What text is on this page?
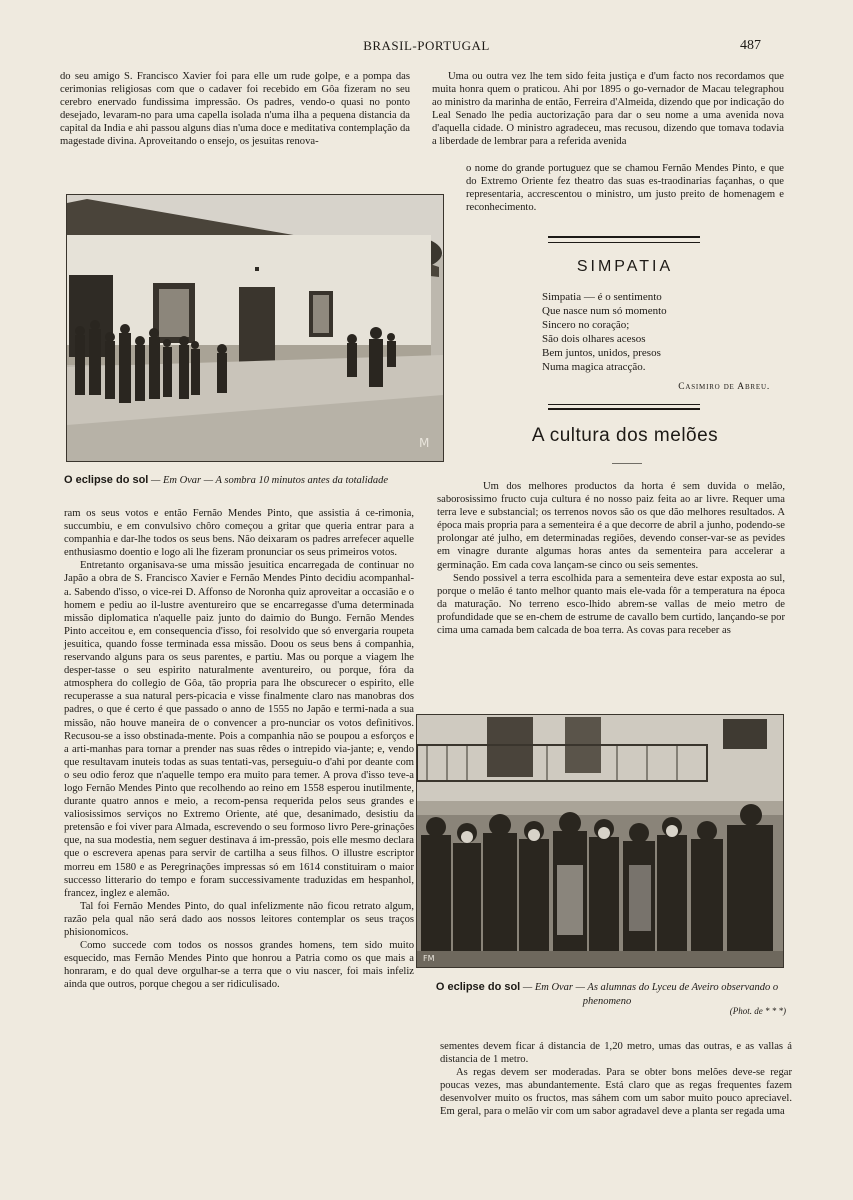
BRASIL-PORTUGAL	487

do seu amigo S. Francisco Xavier foi para elle um rude golpe, e a pompa das cerimonias religiosas com que o cadaver foi recebido em Gôa fizeram no seu cerebro enervado fundissima impressão. Os padres, vendo-o quasi no ponto desejado, levaram-no para uma capella isolada n'uma ilha a pequena distancia da capital da India e ahi passou alguns dias n'uma doce e meditativa contemplação da magestade divina. Aproveitando o ensejo, os jesuitas renova-

M
O eclipse do sol — Em Ovar — A sombra 10 minutos antes da totalidade

ram os seus votos e então Fernão Mendes Pinto, que assistia á ce-rimonia, succumbiu, e em convulsivo chôro começou a gritar que queria entrar para a companhia e dar-lhe todos os seus bens. Não deixaram os padres arrefecer aquelle enthusiasmo doentio e logo ali lhe fizeram pronunciar os seus primeiros votos.

Entretanto organisava-se uma missão jesuitica encarregada de continuar no Japão a obra de S. Francisco Xavier e Fernão Mendes Pinto decidiu acompanhal-a. Sabendo d'isso, o vice-rei D. Affonso de Noronha quiz aproveitar a occasião e o homem e pediu ao il-lustre aventureiro que se encarregasse d'uma determinada missão diplomatica n'aquelle paiz junto do daimio do Bungo. Fernão Mendes Pinto acceitou e, em consequencia d'isso, foi resolvido que só envergaria roupeta jesuitica, quando fosse terminada essa missão. Doou os seus bens á companhia, reservando alguns para os seus parentes, e partiu. Mas ou porque a viagem lhe desper-tasse o seu espirito naturalmente aventureiro, ou porque, fóra da atmosphera do collegio de Gôa, tão propria para lhe obscurecer o espirito, elle recuperasse a sua natural pers-picacia e visse finalmente claro nas manobras dos padres, o que é certo é que passado o anno de 1555 no Japão e termi-nada a sua missão, não houve maneira de o convencer a pro-nunciar os votos definitivos. Recusou-se a isso obstinada-mente. Pois a companhia não se poupou a esforços e a arti-manhas para tornar a prender nas suas rêdes o intrepido via-jante; e, vendo que resultavam inuteis todas as suas tentati-vas, perseguiu-o d'ahi por deante com o seu odio feroz que n'aquelle tempo era muito para temer. A prova d'isso teve-a logo Fernão Mendes Pinto que recolhendo ao reino em 1558 esperou inutilmente, durante quatro annos e meio, a recom-pensa requerida pelos seus grandes e valiosissimos serviços no Extremo Oriente, até que, desanimado, desistiu da pretensão e foi viver para Almada, escrevendo o seu formoso livro Pere-grinações que, na sua modestia, nem seguer destinava á im-pressão, pois elle mesmo declara que o escrevera apenas para servir de cartilha a seus filhos. O illustre escriptor morreu em 1580 e as Peregrinações impressas só em 1614 constituiram o maior successo litterario do tempo e foram successivamente traduzidas em hespanhol, francez, inglez e alemão.

Tal foi Fernão Mendes Pinto, do qual infelizmente não ficou retrato algum, razão pela qual não será dado aos nossos leitores contemplar os seus traços phisionomicos.

Como succede com todos os nossos grandes homens, tem sido muito esquecido, mas Fernão Mendes Pinto que honrou a Patria como os que mais a honraram, e do qual deve orgulhar-se a terra que o viu nascer, foi mais infeliz ainda que outros, porque chegou a ser ridiculisado.

Uma ou outra vez lhe tem sido feita justiça e d'um facto nos recordamos que muita honra quem o praticou. Ahi por 1895 o go-vernador de Macau telegraphou ao ministro da marinha de então, Ferreira d'Almeida, dizendo que por indicação do Leal Senado lhe pedia auctorização para dar o seu nome a uma avenida nova d'aquella cidade. O ministro agradeceu, mas recusou, dizendo que tomava todavia a liberdade de lembrar para a referida avenida

o nome do grande portuguez que se chamou Fernão Mendes Pinto, e que do Extremo Oriente fez theatro das suas es-traodinarias façanhas, o que representaria, accrescentou o ministro, um justo preito de homenagem e reconhecimento.

SIMPATIA
Simpatia — é o sentimento
Que nasce num só momento
Sincero no coração;
São dois olhares acesos
Bem juntos, unidos, presos
Numa magica atracção.
Casimiro de Abreu.
A cultura dos melões

Um dos melhores productos da horta é sem duvida o melão, saborosissimo fructo cuja cultura é no nosso paiz feita ao ar livre. Requer uma terra leve e substancial; os terrenos novos são os que dão melhores resultados. A época mais propria para a sementeira é a que decorre de abril a junho, podendo-se prolongar até julho, em determinadas regiões, devendo conser-var-se as pevides em vinagre durante algumas horas antes da sementeira para accelerar a germinação. Em cada cova lançam-se cinco ou seis sementes.

Sendo possivel a terra escolhida para a sementeira deve estar exposta ao sul, porque o melão é tanto melhor quanto mais ele-vada fôr a temperatura na época da maturação. No terreno esco-lhido abrem-se vallas de meio metro de profundidade que se en-chem de estrume de cavallo bem curtido, lançando-se por cima uma camada bem calcada de boa terra. As covas para receber as

FM
O eclipse do sol — Em Ovar — As alumnas do Lyceu de Aveiro observando o phenomeno
(Phot. de * * *)

sementes devem ficar á distancia de 1,20 metro, umas das outras, e as vallas á distancia de 1 metro.

As regas devem ser moderadas. Para se obter bons melões deve-se regar poucas vezes, mas abundantemente. Está claro que as regas frequentes fazem desenvolver muito os fructos, mas sáhem com um sabor muito pouco apreciavel. Em geral, para o melão vir com um sabor agradavel deve a planta ser regada uma
